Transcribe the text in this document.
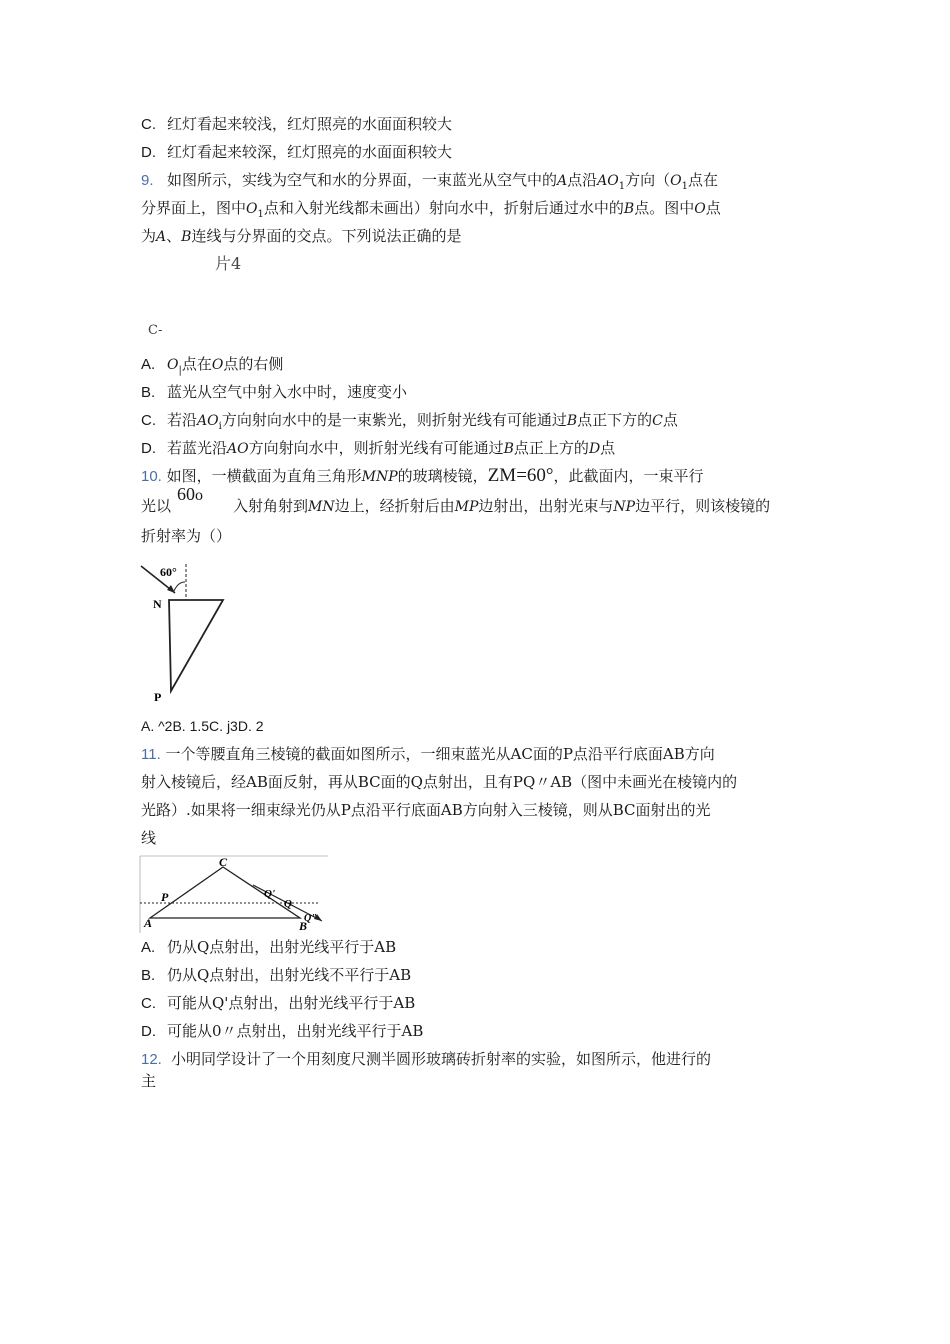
C. 红灯看起来较浅，红灯照亮的水面面积较大
D. 红灯看起来较深，红灯照亮的水面面积较大
9. 如图所示，实线为空气和水的分界面，一束蓝光从空气中的A点沿$AO_1$方向（$O_1$点在
分界面上，图中$O_1$点和入射光线都未画出）射向水中，折射后通过水中的B点。图中O点
为A、B连线与分界面的交点。下列说法正确的是
片4
C-
A. $O_|$点在O点的右侧
B. 蓝光从空气中射入水中时，速度变小
C. 若沿$AO_i$方向射向水中的是一束紫光，则折射光线有可能通过B点正下方的C点
D. 若蓝光沿AO方向射向水中，则折射光线有可能通过B点正上方的D点
10. 如图，一横截面为直角三角形MNP的玻璃棱镜，ZM=60°，此截面内，一束平行
60o
光以	入射角射到MN边上，经折射后由MP边射出，出射光束与NP边平行，则该棱镜的
折射率为（）
60°
N
P
A. ^2B. 1.5C. j3D. 2
11. 一个等腰直角三棱镜的截面如图所示，一细束蓝光从AC面的P点沿平行底面AB方向
射入棱镜后，经AB面反射，再从BC面的Q点射出，且有PQ〃AB（图中未画光在棱镜内的
光路）.如果将一细束绿光仍从P点沿平行底面AB方向射入三棱镜，则从BC面射出的光
线
C
P	Q'
Q
Q"
A	B
A. 仍从Q点射出，出射光线平行于AB
B. 仍从Q点射出，出射光线不平行于AB
C. 可能从Q'点射出，出射光线平行于AB
D. 可能从0〃点射出，出射光线平行于AB
12. 小明同学设计了一个用刻度尺测半圆形玻璃砖折射率的实验，如图所示，他进行的
主
